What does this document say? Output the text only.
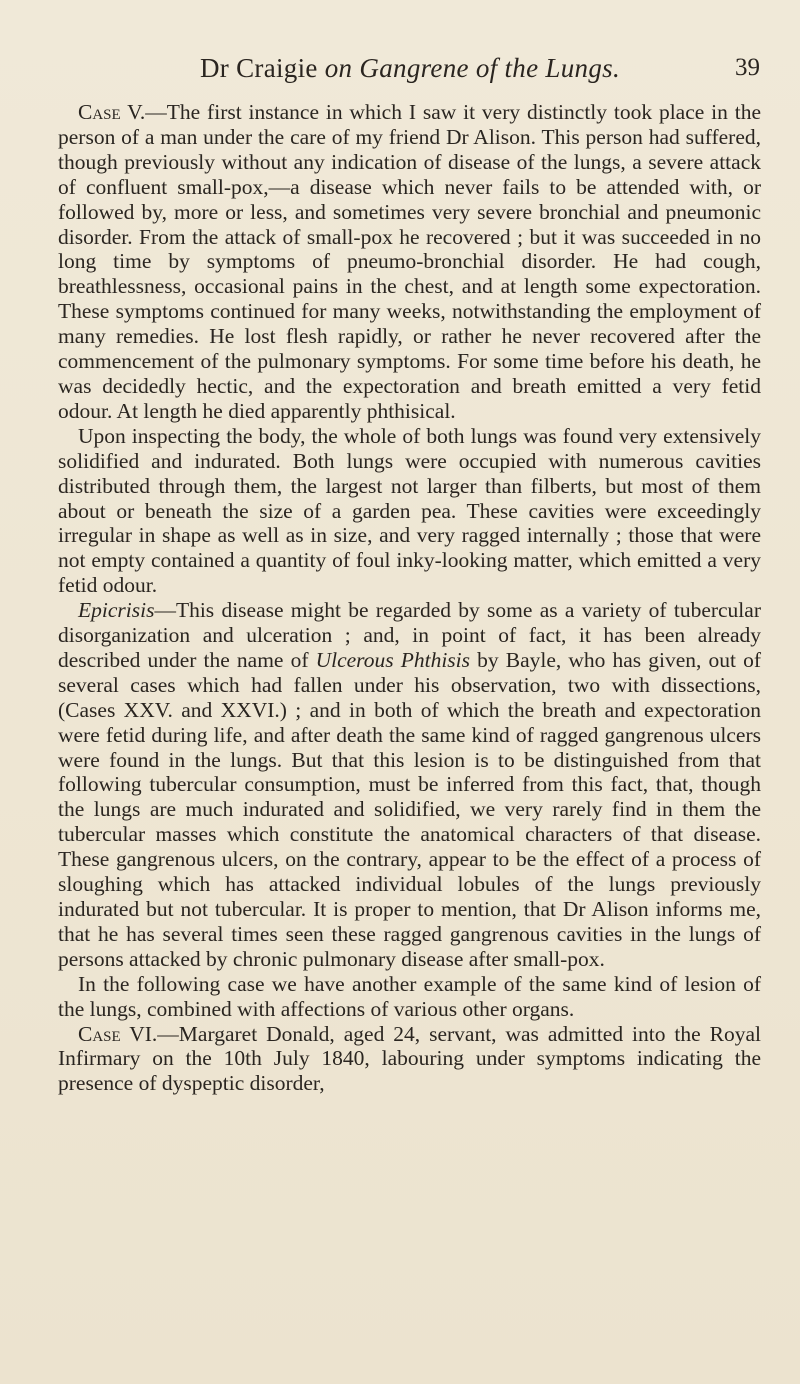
Dr Craigie on Gangrene of the Lungs.	39

Case V.—The first instance in which I saw it very distinctly took place in the person of a man under the care of my friend Dr Alison. This person had suffered, though previously without any indication of disease of the lungs, a severe attack of confluent small-pox,—a disease which never fails to be attended with, or followed by, more or less, and sometimes very severe bronchial and pneumonic disorder. From the attack of small-pox he recovered ; but it was succeeded in no long time by symptoms of pneumo-bronchial disorder. He had cough, breathlessness, occasional pains in the chest, and at length some expectoration. These symptoms continued for many weeks, notwithstanding the employment of many remedies. He lost flesh rapidly, or rather he never recovered after the commencement of the pulmonary symptoms. For some time before his death, he was decidedly hectic, and the expectoration and breath emitted a very fetid odour. At length he died apparently phthisical.

Upon inspecting the body, the whole of both lungs was found very extensively solidified and indurated. Both lungs were occupied with numerous cavities distributed through them, the largest not larger than filberts, but most of them about or beneath the size of a garden pea. These cavities were exceedingly irregular in shape as well as in size, and very ragged internally ; those that were not empty contained a quantity of foul inky-looking matter, which emitted a very fetid odour.

Epicrisis—This disease might be regarded by some as a variety of tubercular disorganization and ulceration ; and, in point of fact, it has been already described under the name of Ulcerous Phthisis by Bayle, who has given, out of several cases which had fallen under his observation, two with dissections, (Cases XXV. and XXVI.) ; and in both of which the breath and expectoration were fetid during life, and after death the same kind of ragged gangrenous ulcers were found in the lungs. But that this lesion is to be distinguished from that following tubercular consumption, must be inferred from this fact, that, though the lungs are much indurated and solidified, we very rarely find in them the tubercular masses which constitute the anatomical characters of that disease. These gangrenous ulcers, on the contrary, appear to be the effect of a process of sloughing which has attacked individual lobules of the lungs previously indurated but not tubercular. It is proper to mention, that Dr Alison informs me, that he has several times seen these ragged gangrenous cavities in the lungs of persons attacked by chronic pulmonary disease after small-pox.

In the following case we have another example of the same kind of lesion of the lungs, combined with affections of various other organs.

Case VI.—Margaret Donald, aged 24, servant, was admitted into the Royal Infirmary on the 10th July 1840, labouring under symptoms indicating the presence of dyspeptic disorder,
